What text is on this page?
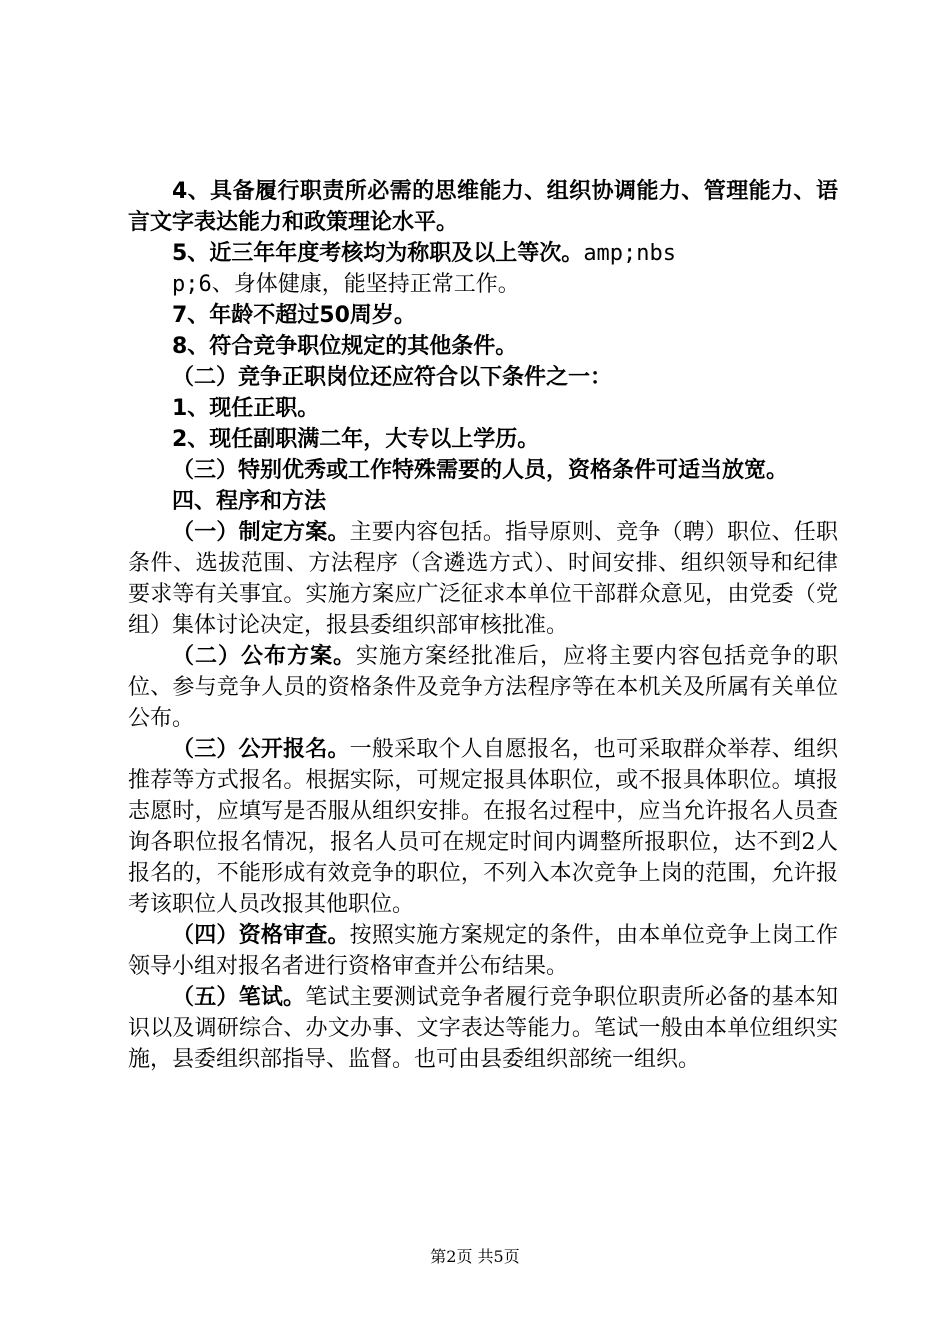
4、具备履行职责所必需的思维能力、组织协调能力、管理能力、语言文字表达能力和政策理论水平。

5、近三年年度考核均为称职及以上等次。amp;nbs

p;6、身体健康，能坚持正常工作。

7、年龄不超过50周岁。

8、符合竞争职位规定的其他条件。

（二）竞争正职岗位还应符合以下条件之一：

1、现任正职。

2、现任副职满二年，大专以上学历。

（三）特别优秀或工作特殊需要的人员，资格条件可适当放宽。

四、程序和方法

（一）制定方案。主要内容包括。指导原则、竞争（聘）职位、任职条件、选拔范围、方法程序（含遴选方式）、时间安排、组织领导和纪律要求等有关事宜。实施方案应广泛征求本单位干部群众意见，由党委（党组）集体讨论决定，报县委组织部审核批准。

（二）公布方案。实施方案经批准后，应将主要内容包括竞争的职位、参与竞争人员的资格条件及竞争方法程序等在本机关及所属有关单位公布。

（三）公开报名。一般采取个人自愿报名，也可采取群众举荐、组织推荐等方式报名。根据实际，可规定报具体职位，或不报具体职位。填报志愿时，应填写是否服从组织安排。在报名过程中，应当允许报名人员查询各职位报名情况，报名人员可在规定时间内调整所报职位，达不到2人报名的，不能形成有效竞争的职位，不列入本次竞争上岗的范围，允许报考该职位人员改报其他职位。

（四）资格审查。按照实施方案规定的条件，由本单位竞争上岗工作领导小组对报名者进行资格审查并公布结果。

（五）笔试。笔试主要测试竞争者履行竞争职位职责所必备的基本知识以及调研综合、办文办事、文字表达等能力。笔试一般由本单位组织实施，县委组织部指导、监督。也可由县委组织部统一组织。

第2页 共5页
